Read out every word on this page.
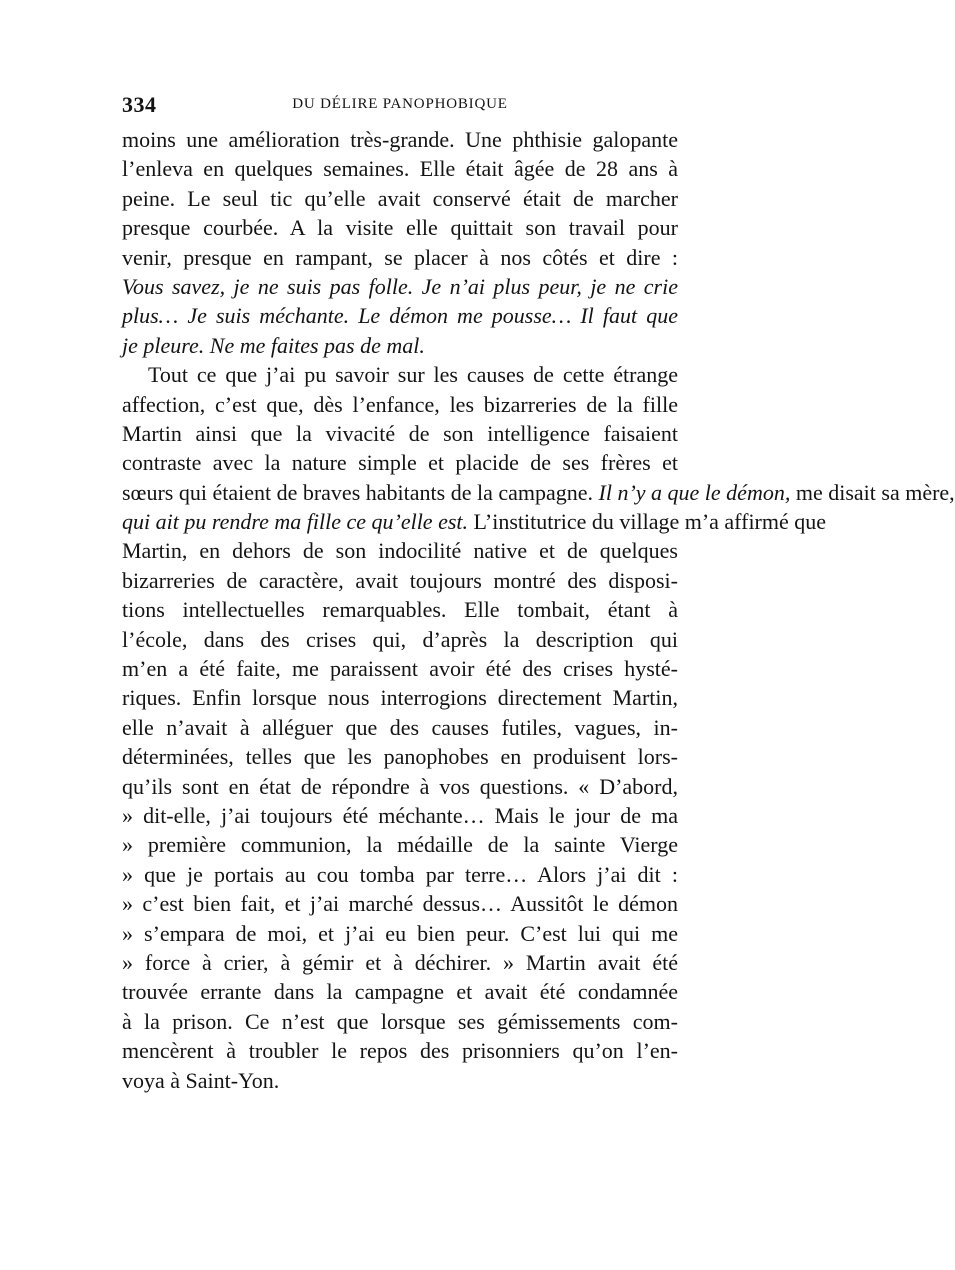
334	DU DÉLIRE PANOPHOBIQUE
moins une amélioration très-grande. Une phthisie galopante
l’enleva en quelques semaines. Elle était âgée de 28 ans à
peine. Le seul tic qu’elle avait conservé était de marcher
presque courbée. A la visite elle quittait son travail pour
venir, presque en rampant, se placer à nos côtés et dire :
Vous savez, je ne suis pas folle. Je n’ai plus peur, je ne crie
plus… Je suis méchante. Le démon me pousse… Il faut que
je pleure. Ne me faites pas de mal.
Tout ce que j’ai pu savoir sur les causes de cette étrange
affection, c’est que, dès l’enfance, les bizarreries de la fille
Martin ainsi que la vivacité de son intelligence faisaient
contraste avec la nature simple et placide de ses frères et
sœurs qui étaient de braves habitants de la campagne. Il n’y a que le démon, me disait sa mère,
qui ait pu rendre ma fille ce qu’elle est. L’institutrice du village m’a affirmé que
Martin, en dehors de son indocilité native et de quelques
bizarreries de caractère, avait toujours montré des disposi-
tions intellectuelles remarquables. Elle tombait, étant à
l’école, dans des crises qui, d’après la description qui
m’en a été faite, me paraissent avoir été des crises hysté-
riques. Enfin lorsque nous interrogions directement Martin,
elle n’avait à alléguer que des causes futiles, vagues, in-
déterminées, telles que les panophobes en produisent lors-
qu’ils sont en état de répondre à vos questions. « D’abord,
» dit-elle, j’ai toujours été méchante… Mais le jour de ma
» première communion, la médaille de la sainte Vierge
» que je portais au cou tomba par terre… Alors j’ai dit :
» c’est bien fait, et j’ai marché dessus… Aussitôt le démon
» s’empara de moi, et j’ai eu bien peur. C’est lui qui me
» force à crier, à gémir et à déchirer. » Martin avait été
trouvée errante dans la campagne et avait été condamnée
à la prison. Ce n’est que lorsque ses gémissements com-
mencèrent à troubler le repos des prisonniers qu’on l’en-
voya à Saint-Yon.
